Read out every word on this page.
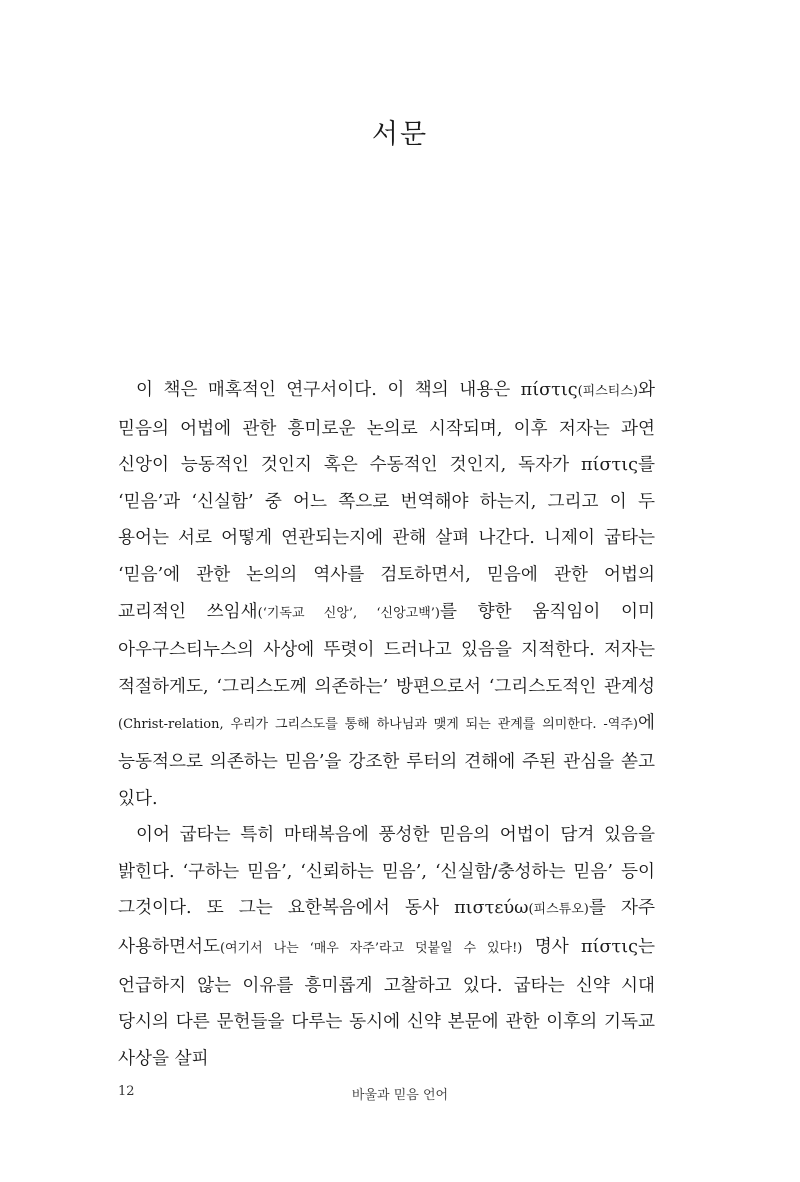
서문

이 책은 매혹적인 연구서이다. 이 책의 내용은 πίστις(피스티스)와 믿음의 어법에 관한 흥미로운 논의로 시작되며, 이후 저자는 과연 신앙이 능동적인 것인지 혹은 수동적인 것인지, 독자가 πίστις를 ‘믿음’과 ‘신실함’ 중 어느 쪽으로 번역해야 하는지, 그리고 이 두 용어는 서로 어떻게 연관되는지에 관해 살펴 나간다. 니제이 굽타는 ‘믿음’에 관한 논의의 역사를 검토하면서, 믿음에 관한 어법의 교리적인 쓰임새(‘기독교 신앙’, ‘신앙고백’)를 향한 움직임이 이미 아우구스티누스의 사상에 뚜렷이 드러나고 있음을 지적한다. 저자는 적절하게도, ‘그리스도께 의존하는’ 방편으로서 ‘그리스도적인 관계성(Christ-relation, 우리가 그리스도를 통해 하나님과 맺게 되는 관계를 의미한다. -역주)에 능동적으로 의존하는 믿음’을 강조한 루터의 견해에 주된 관심을 쏟고 있다.

이어 굽타는 특히 마태복음에 풍성한 믿음의 어법이 담겨 있음을 밝힌다. ‘구하는 믿음’, ‘신뢰하는 믿음’, ‘신실함/충성하는 믿음’ 등이 그것이다. 또 그는 요한복음에서 동사 πιστεύω(피스튜오)를 자주 사용하면서도(여기서 나는 ‘매우 자주’라고 덧붙일 수 있다!) 명사 πίστις는 언급하지 않는 이유를 흥미롭게 고찰하고 있다. 굽타는 신약 시대 당시의 다른 문헌들을 다루는 동시에 신약 본문에 관한 이후의 기독교 사상을 살피

12	바울과 믿음 언어
